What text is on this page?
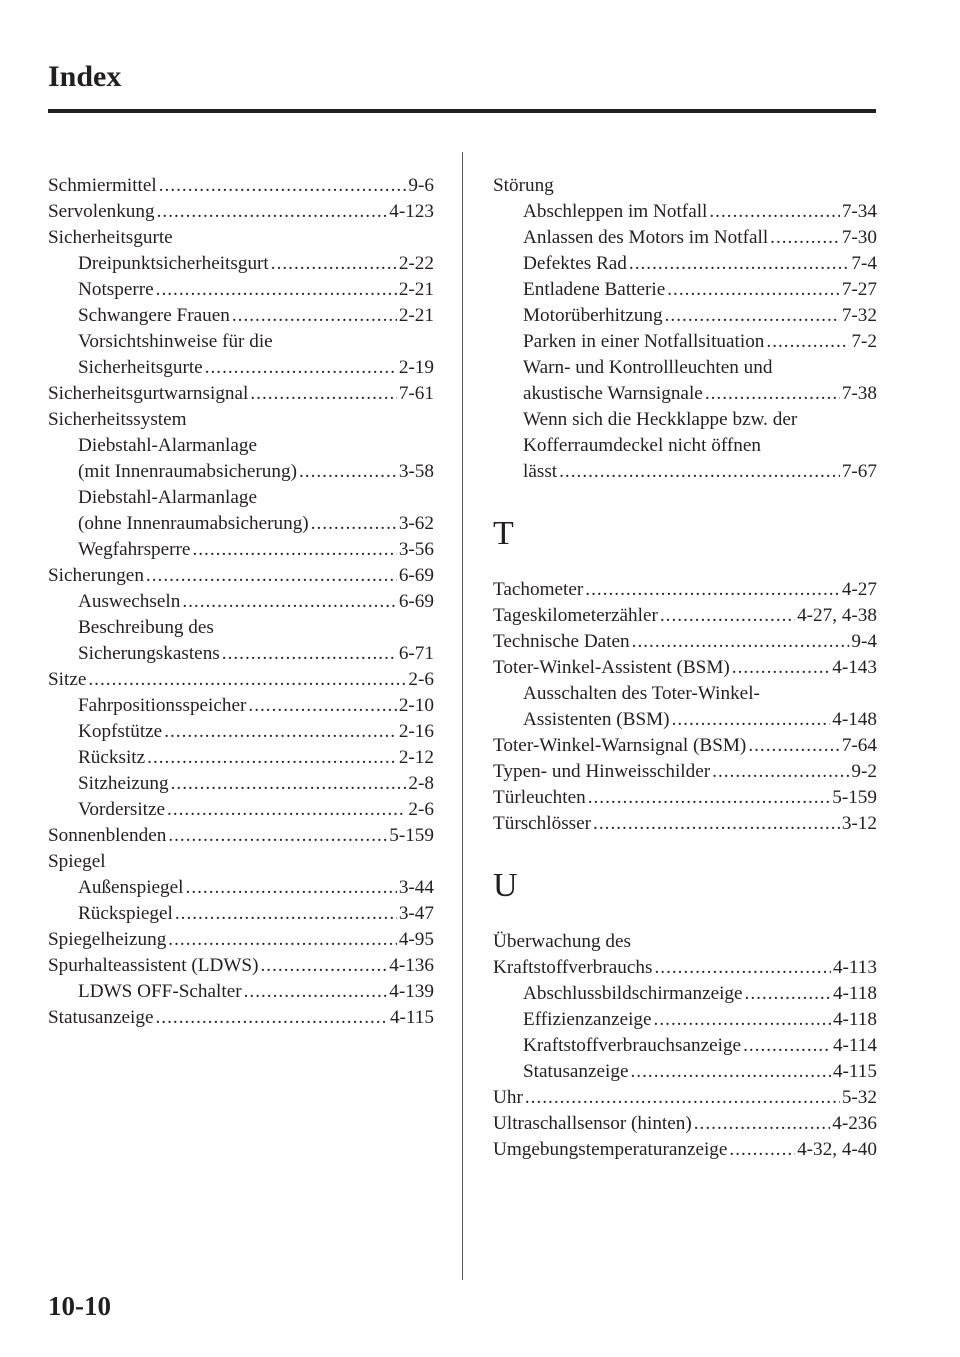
Index
Schmiermittel .....	9-6
Servolenkung .....	4-123
Sicherheitsgurte
Dreipunktsicherheitsgurt .....	2-22
Notsperre .....	2-21
Schwangere Frauen .....	2-21
Vorsichtshinweise für die
Sicherheitsgurte .....	2-19
Sicherheitsgurtwarnsignal .....	7-61
Sicherheitssystem
Diebstahl-Alarmanlage
(mit Innenraumabsicherung) .....	3-58
Diebstahl-Alarmanlage
(ohne Innenraumabsicherung) .....	3-62
Wegfahrsperre .....	3-56
Sicherungen .....	6-69
Auswechseln .....	6-69
Beschreibung des
Sicherungskastens .....	6-71
Sitze .....	2-6
Fahrpositionsspeicher .....	2-10
Kopfstütze .....	2-16
Rücksitz .....	2-12
Sitzheizung .....	2-8
Vordersitze .....	2-6
Sonnenblenden .....	5-159
Spiegel
Außenspiegel .....	3-44
Rückspiegel .....	3-47
Spiegelheizung .....	4-95
Spurhalteassistent (LDWS) .....	4-136
LDWS OFF-Schalter .....	4-139
Statusanzeige .....	4-115
Störung
Abschleppen im Notfall .....	7-34
Anlassen des Motors im Notfall .....	7-30
Defektes Rad .....	7-4
Entladene Batterie .....	7-27
Motorüberhitzung .....	7-32
Parken in einer Notfallsituation .....	7-2
Warn- und Kontrollleuchten und
akustische Warnsignale .....	7-38
Wenn sich die Heckklappe bzw. der
Kofferraumdeckel nicht öffnen
lässt .....	7-67
T
Tachometer .....	4-27
Tageskilometerzähler .....	4-27, 4-38
Technische Daten .....	9-4
Toter-Winkel-Assistent (BSM) .....	4-143
Ausschalten des Toter-Winkel-
Assistenten (BSM) .....	4-148
Toter-Winkel-Warnsignal (BSM) .....	7-64
Typen- und Hinweisschilder .....	9-2
Türleuchten .....	5-159
Türschlösser .....	3-12
U
Überwachung des
Kraftstoffverbrauchs .....	4-113
Abschlussbildschirmanzeige .....	4-118
Effizienzanzeige .....	4-118
Kraftstoffverbrauchsanzeige .....	4-114
Statusanzeige .....	4-115
Uhr .....	5-32
Ultraschallsensor (hinten) .....	4-236
Umgebungstemperaturanzeige .....	4-32, 4-40
10-10
